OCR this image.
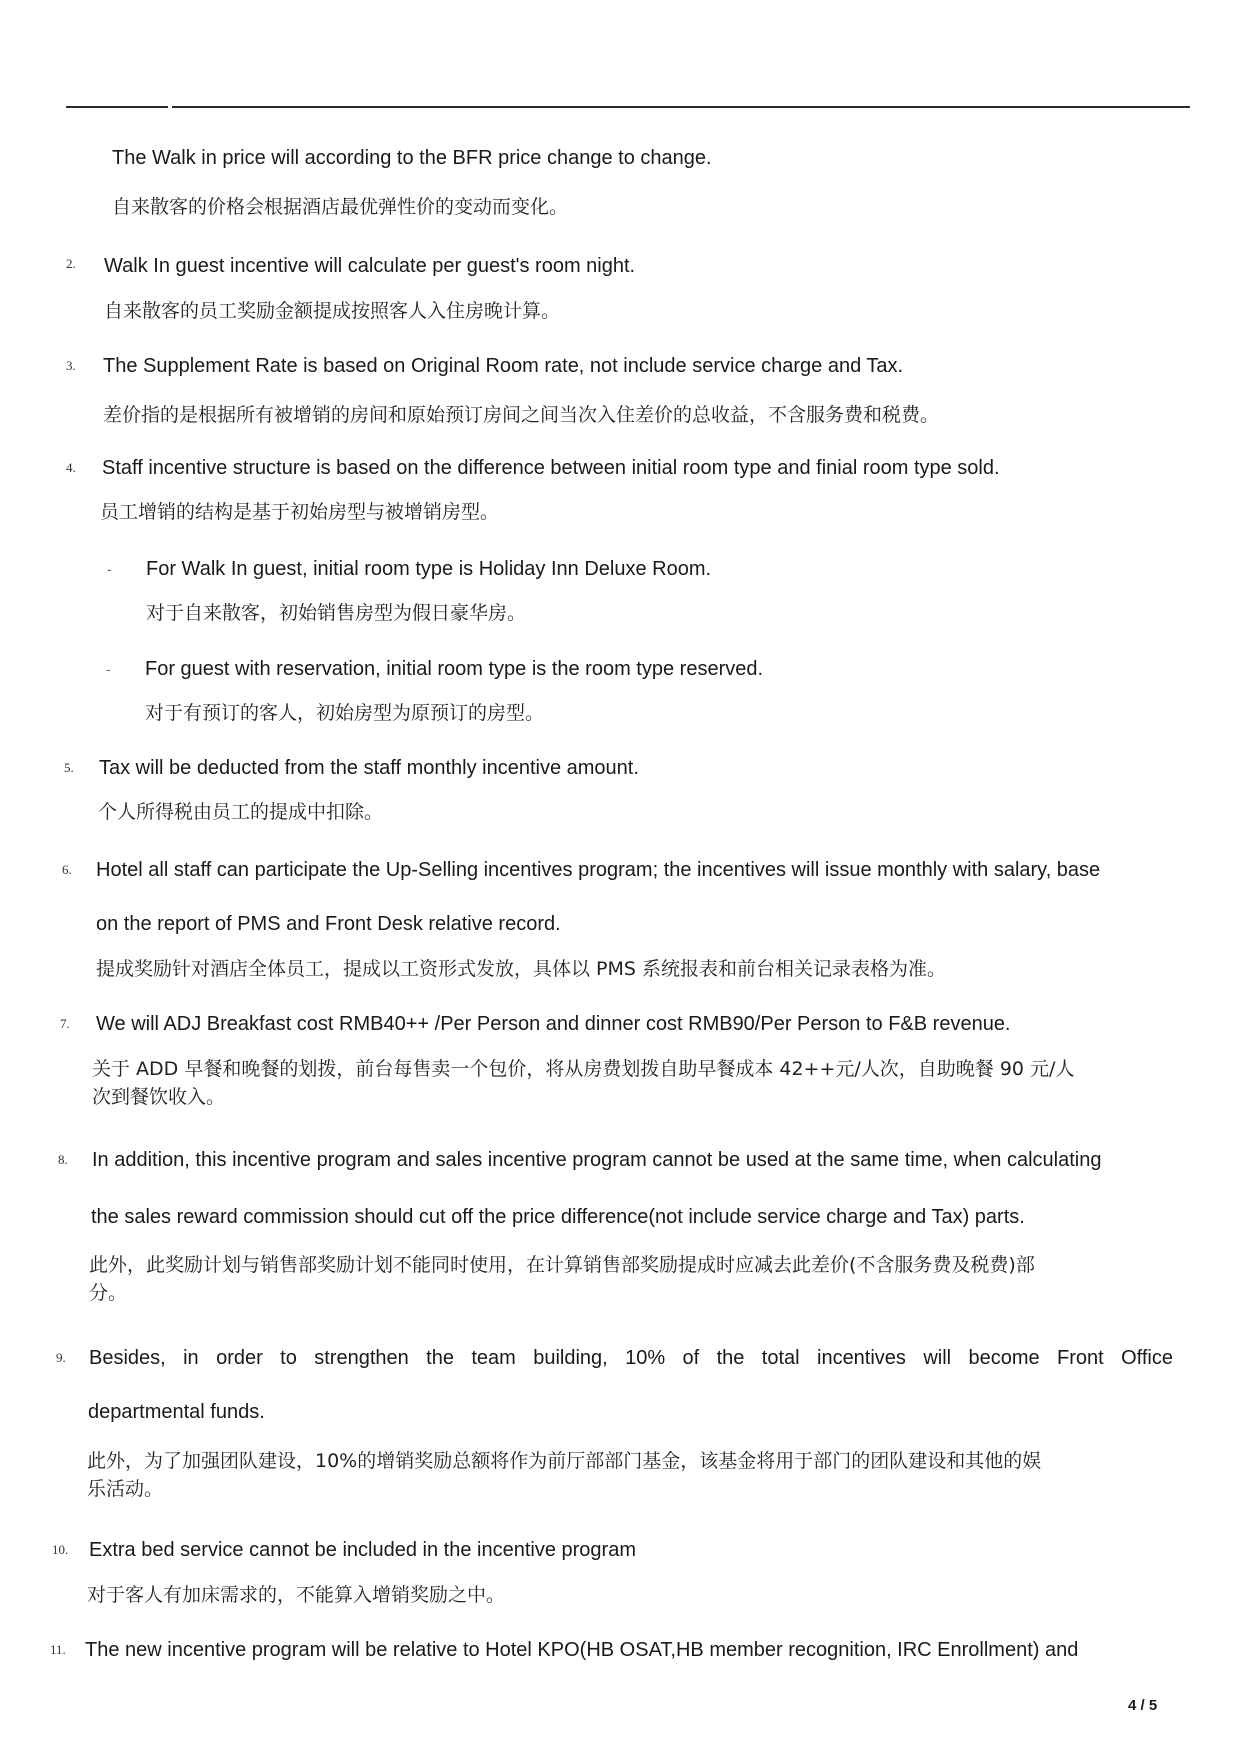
The Walk in price will according to the BFR price change to change.
自来散客的价格会根据酒店最优弹性价的变动而变化。
2. Walk In guest incentive will calculate per guest's room night.
自来散客的员工奖励金额提成按照客人入住房晚计算。
3. The Supplement Rate is based on Original Room rate, not include service charge and Tax.
差价指的是根据所有被增销的房间和原始预订房间之间当次入住差价的总收益，不含服务费和税费。
4. Staff incentive structure is based on the difference between initial room type and finial room type sold.
员工增销的结构是基于初始房型与被增销房型。
- For Walk In guest, initial room type is Holiday Inn Deluxe Room.
对于自来散客，初始销售房型为假日豪华房。
- For guest with reservation, initial room type is the room type reserved.
对于有预订的客人，初始房型为原预订的房型。
5. Tax will be deducted from the staff monthly incentive amount.
个人所得税由员工的提成中扣除。
6. Hotel all staff can participate the Up-Selling incentives program; the incentives will issue monthly with salary, base
on the report of PMS and Front Desk relative record.
提成奖励针对酒店全体员工，提成以工资形式发放，具体以 PMS 系统报表和前台相关记录表格为准。
7. We will ADJ Breakfast cost RMB40++ /Per Person and dinner cost RMB90/Per Person to F&B revenue.
关于 ADD 早餐和晚餐的划拨，前台每售卖一个包价，将从房费划拨自助早餐成本 42++元/人次，自助晚餐 90 元/人
次到餐饮收入。
8. In addition, this incentive program and sales incentive program cannot be used at the same time, when calculating
the sales reward commission should cut off the price difference(not include service charge and Tax) parts.
此外，此奖励计划与销售部奖励计划不能同时使用，在计算销售部奖励提成时应减去此差价(不含服务费及税费)部
分。
9. Besides, in order to strengthen the team building, 10% of the total incentives will become Front Office
departmental funds.
此外，为了加强团队建设，10%的增销奖励总额将作为前厅部部门基金，该基金将用于部门的团队建设和其他的娱
乐活动。
10. Extra bed service cannot be included in the incentive program
对于客人有加床需求的，不能算入增销奖励之中。
11. The new incentive program will be relative to Hotel KPO(HB OSAT,HB member recognition, IRC Enrollment) and
4 / 5
